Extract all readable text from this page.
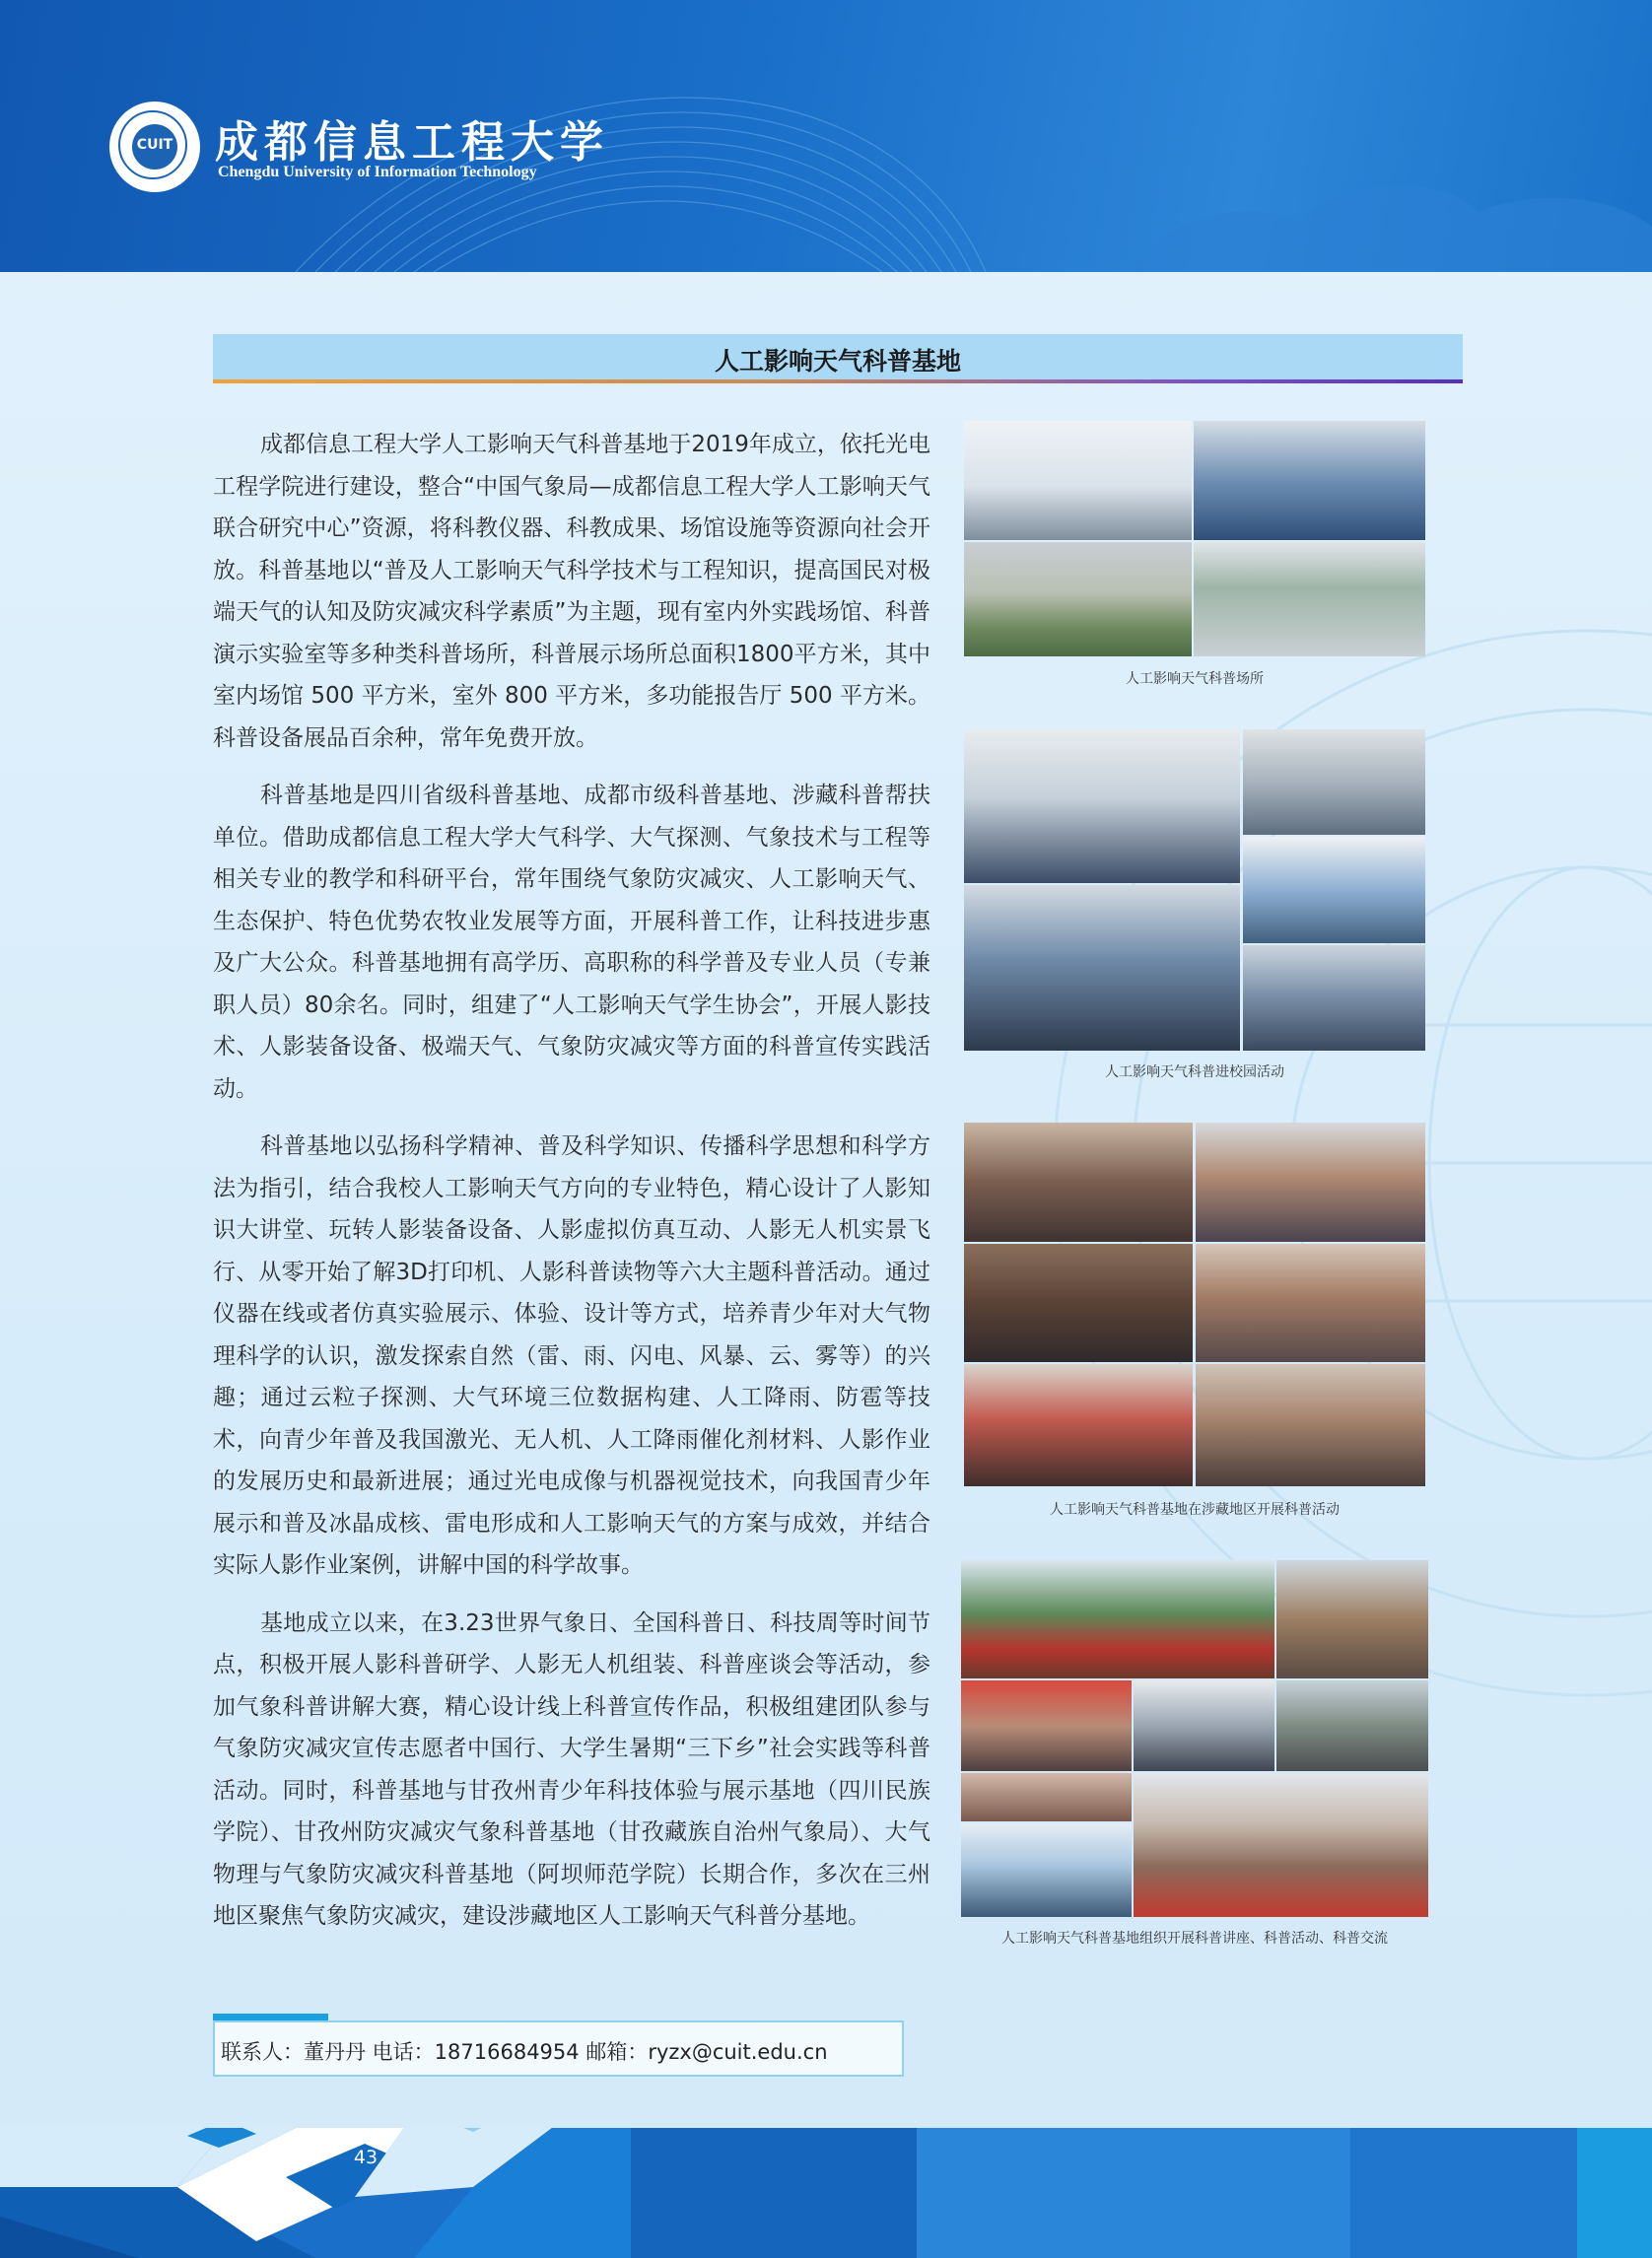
CUIT 成都信息工程大学
Chengdu University of Information Technology
人工影响天气科普基地

成都信息工程大学人工影响天气科普基地于2019年成立，依托光电工程学院进行建设，整合“中国气象局—成都信息工程大学人工影响天气联合研究中心”资源，将科教仪器、科教成果、场馆设施等资源向社会开放。科普基地以“普及人工影响天气科学技术与工程知识，提高国民对极端天气的认知及防灾减灾科学素质”为主题，现有室内外实践场馆、科普演示实验室等多种类科普场所，科普展示场所总面积1800平方米，其中室内场馆 500 平方米，室外 800 平方米，多功能报告厅 500 平方米。科普设备展品百余种，常年免费开放。

科普基地是四川省级科普基地、成都市级科普基地、涉藏科普帮扶单位。借助成都信息工程大学大气科学、大气探测、气象技术与工程等相关专业的教学和科研平台，常年围绕气象防灾减灾、人工影响天气、生态保护、特色优势农牧业发展等方面，开展科普工作，让科技进步惠及广大公众。科普基地拥有高学历、高职称的科学普及专业人员（专兼职人员）80余名。同时，组建了“人工影响天气学生协会”，开展人影技术、人影装备设备、极端天气、气象防灾减灾等方面的科普宣传实践活动。

科普基地以弘扬科学精神、普及科学知识、传播科学思想和科学方法为指引，结合我校人工影响天气方向的专业特色，精心设计了人影知识大讲堂、玩转人影装备设备、人影虚拟仿真互动、人影无人机实景飞行、从零开始了解3D打印机、人影科普读物等六大主题科普活动。通过仪器在线或者仿真实验展示、体验、设计等方式，培养青少年对大气物理科学的认识，激发探索自然（雷、雨、闪电、风暴、云、雾等）的兴趣；通过云粒子探测、大气环境三位数据构建、人工降雨、防雹等技术，向青少年普及我国激光、无人机、人工降雨催化剂材料、人影作业的发展历史和最新进展；通过光电成像与机器视觉技术，向我国青少年展示和普及冰晶成核、雷电形成和人工影响天气的方案与成效，并结合实际人影作业案例，讲解中国的科学故事。

基地成立以来，在3.23世界气象日、全国科普日、科技周等时间节点，积极开展人影科普研学、人影无人机组装、科普座谈会等活动，参加气象科普讲解大赛，精心设计线上科普宣传作品，积极组建团队参与气象防灾减灾宣传志愿者中国行、大学生暑期“三下乡”社会实践等科普活动。同时，科普基地与甘孜州青少年科技体验与展示基地（四川民族学院）、甘孜州防灾减灾气象科普基地（甘孜藏族自治州气象局）、大气物理与气象防灾减灾科普基地（阿坝师范学院）长期合作，多次在三州地区聚焦气象防灾减灾，建设涉藏地区人工影响天气科普分基地。

人工影响天气科普场所
人工影响天气科普进校园活动
人工影响天气科普基地在涉藏地区开展科普活动
人工影响天气科普基地组织开展科普讲座、科普活动、科普交流
联系人：董丹丹 电话：18716684954 邮箱：ryzx@cuit.edu.cn
43
